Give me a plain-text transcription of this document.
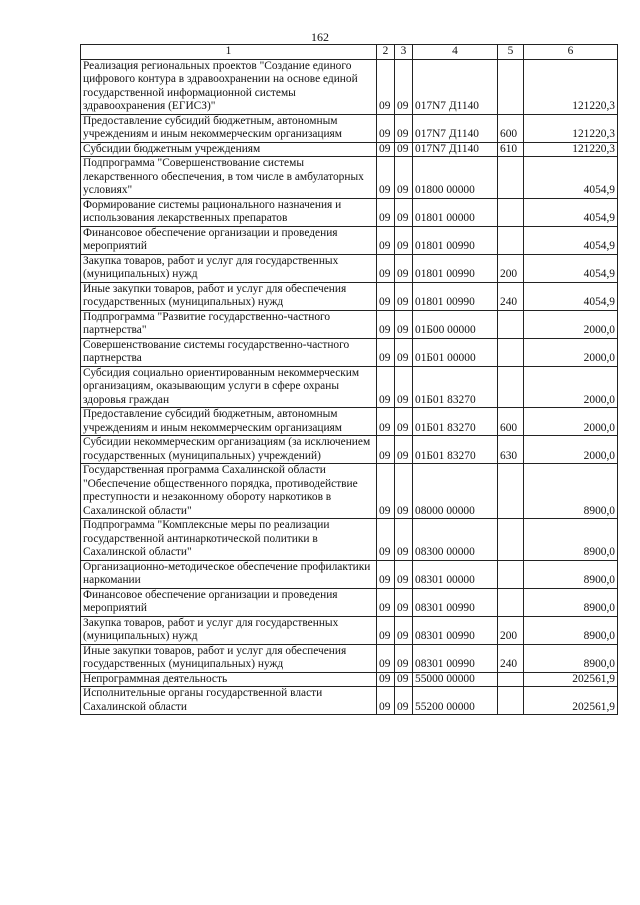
162
1	2	3	4	5	6
Реализация региональных проектов "Создание единого цифрового контура в здравоохранении на основе единой государственной информационной системы здравоохранения (ЕГИСЗ)"	09	09	017N7 Д1140		121220,3
Предоставление субсидий бюджетным, автономным учреждениям и иным некоммерческим организациям	09	09	017N7 Д1140	600	121220,3
Субсидии бюджетным учреждениям	09	09	017N7 Д1140	610	121220,3
Подпрограмма "Совершенствование системы лекарственного обеспечения, в том числе в амбулаторных условиях"	09	09	01800 00000		4054,9
Формирование системы рационального назначения и использования лекарственных препаратов	09	09	01801 00000		4054,9
Финансовое обеспечение организации и проведения мероприятий	09	09	01801 00990		4054,9
Закупка товаров, работ и услуг для государственных (муниципальных) нужд	09	09	01801 00990	200	4054,9
Иные закупки товаров, работ и услуг для обеспечения государственных (муниципальных) нужд	09	09	01801 00990	240	4054,9
Подпрограмма "Развитие государственно-частного партнерства"	09	09	01Б00 00000		2000,0
Совершенствование системы государственно-частного партнерства	09	09	01Б01 00000		2000,0
Субсидия социально ориентированным некоммерческим организациям, оказывающим услуги в сфере охраны здоровья граждан	09	09	01Б01 83270		2000,0
Предоставление субсидий бюджетным, автономным учреждениям и иным некоммерческим организациям	09	09	01Б01 83270	600	2000,0
Субсидии некоммерческим организациям (за исключением государственных (муниципальных) учреждений)	09	09	01Б01 83270	630	2000,0
Государственная программа Сахалинской области "Обеспечение общественного порядка, противодействие преступности и незаконному обороту наркотиков в Сахалинской области"	09	09	08000 00000		8900,0
Подпрограмма "Комплексные меры по реализации государственной антинаркотической политики в Сахалинской области"	09	09	08300 00000		8900,0
Организационно-методическое обеспечение профилактики наркомании	09	09	08301 00000		8900,0
Финансовое обеспечение организации и проведения мероприятий	09	09	08301 00990		8900,0
Закупка товаров, работ и услуг для государственных (муниципальных) нужд	09	09	08301 00990	200	8900,0
Иные закупки товаров, работ и услуг для обеспечения государственных (муниципальных) нужд	09	09	08301 00990	240	8900,0
Непрограммная деятельность	09	09	55000 00000		202561,9
Исполнительные органы государственной власти Сахалинской области	09	09	55200 00000		202561,9
